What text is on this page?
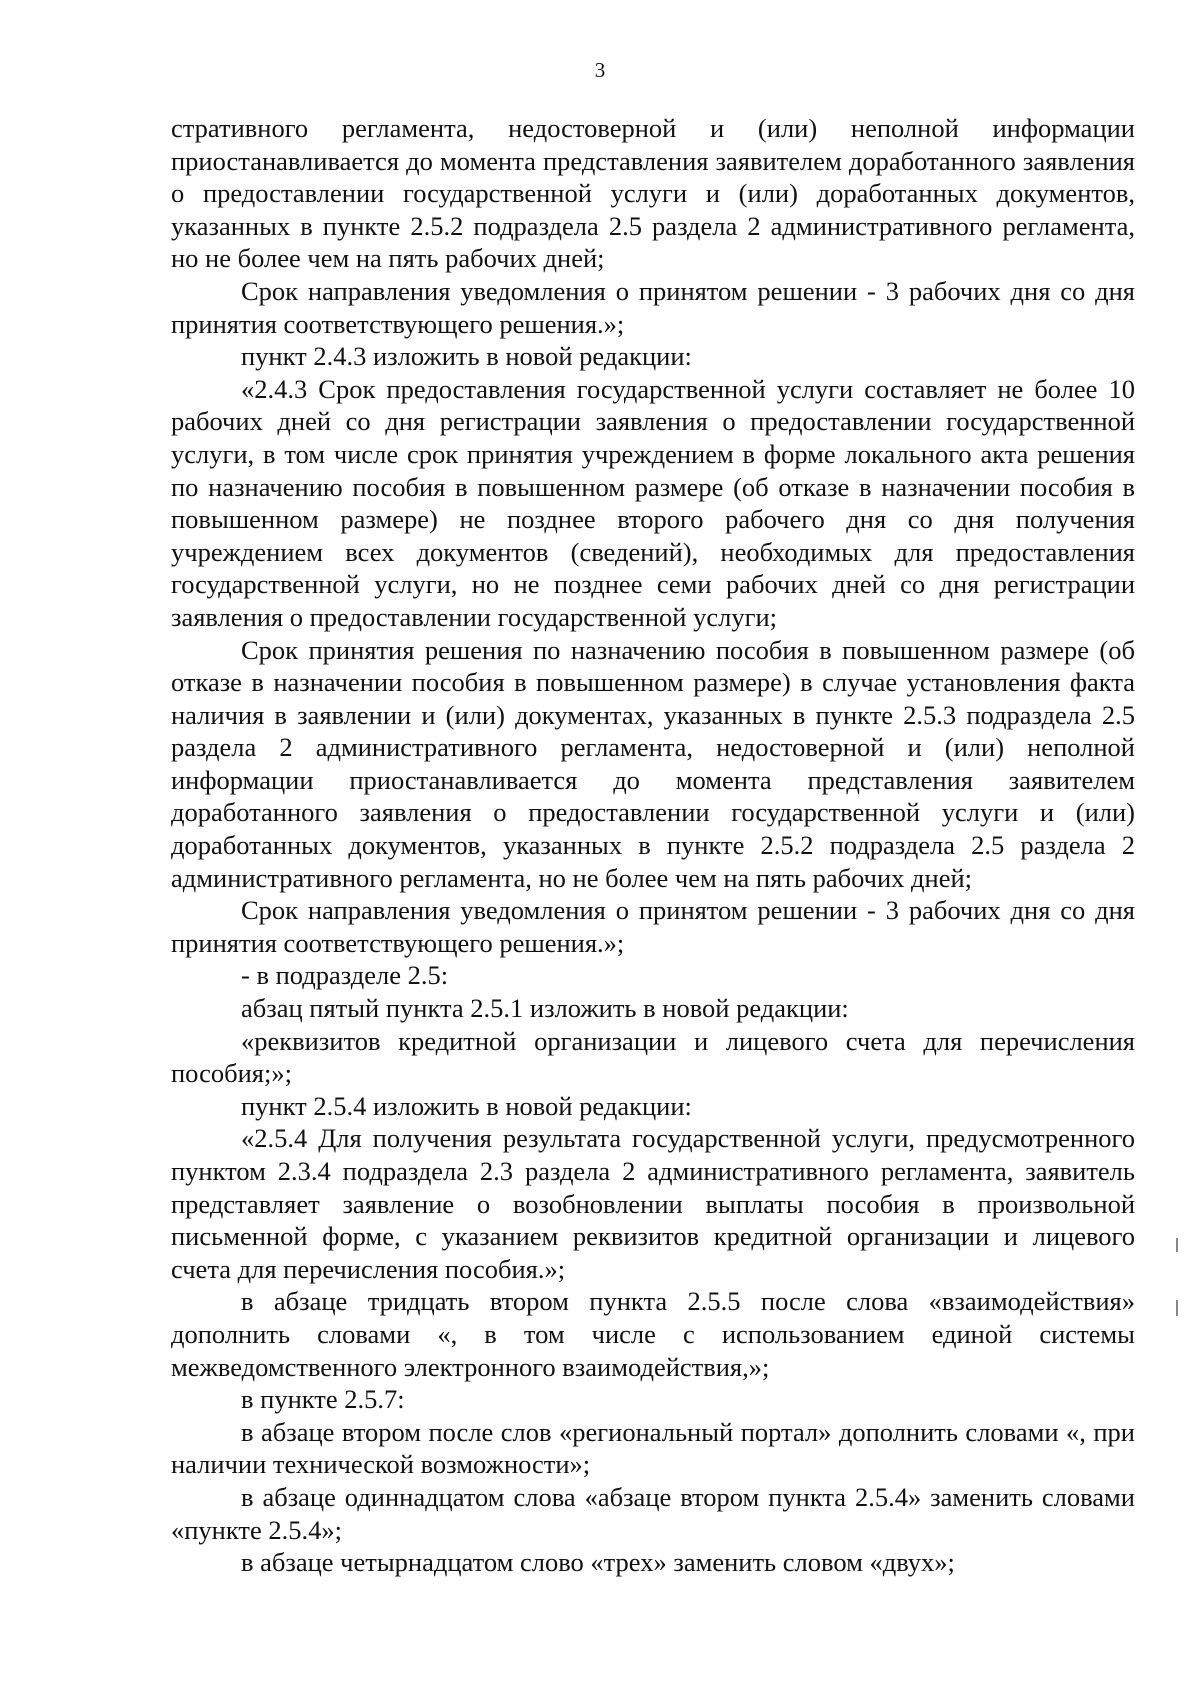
3

стративного регламента, недостоверной и (или) неполной информации приостанавливается до момента представления заявителем доработанного заявления о предоставлении государственной услуги и (или) доработанных документов, указанных в пункте 2.5.2 подраздела 2.5 раздела 2 административного регламента, но не более чем на пять рабочих дней;

Срок направления уведомления о принятом решении - 3 рабочих дня со дня принятия соответствующего решения.»;

пункт 2.4.3 изложить в новой редакции:

«2.4.3 Срок предоставления государственной услуги составляет не более 10 рабочих дней со дня регистрации заявления о предоставлении государственной услуги, в том числе срок принятия учреждением в форме локального акта решения по назначению пособия в повышенном размере (об отказе в назначении пособия в повышенном размере) не позднее второго рабочего дня со дня получения учреждением всех документов (сведений), необходимых для предоставления государственной услуги, но не позднее семи рабочих дней со дня регистрации заявления о предоставлении государственной услуги;

Срок принятия решения по назначению пособия в повышенном размере (об отказе в назначении пособия в повышенном размере) в случае установления факта наличия в заявлении и (или) документах, указанных в пункте 2.5.3 подраздела 2.5 раздела 2 административного регламента, недостоверной и (или) неполной информации приостанавливается до момента представления заявителем доработанного заявления о предоставлении государственной услуги и (или) доработанных документов, указанных в пункте 2.5.2 подраздела 2.5 раздела 2 административного регламента, но не более чем на пять рабочих дней;

Срок направления уведомления о принятом решении - 3 рабочих дня со дня принятия соответствующего решения.»;

- в подразделе 2.5:

абзац пятый пункта 2.5.1 изложить в новой редакции:

«реквизитов кредитной организации и лицевого счета для перечисления пособия;»;

пункт 2.5.4 изложить в новой редакции:

«2.5.4 Для получения результата государственной услуги, предусмотренного пунктом 2.3.4 подраздела 2.3 раздела 2 административного регламента, заявитель представляет заявление о возобновлении выплаты пособия в произвольной письменной форме, с указанием реквизитов кредитной организации и лицевого счета для перечисления пособия.»;

в абзаце тридцать втором пункта 2.5.5 после слова «взаимодействия» дополнить словами «, в том числе с использованием единой системы межведомственного электронного взаимодействия,»;

в пункте 2.5.7:

в абзаце втором после слов «региональный портал» дополнить словами «, при наличии технической возможности»;

в абзаце одиннадцатом слова «абзаце втором пункта 2.5.4» заменить словами «пункте 2.5.4»;

в абзаце четырнадцатом слово «трех» заменить словом «двух»;
